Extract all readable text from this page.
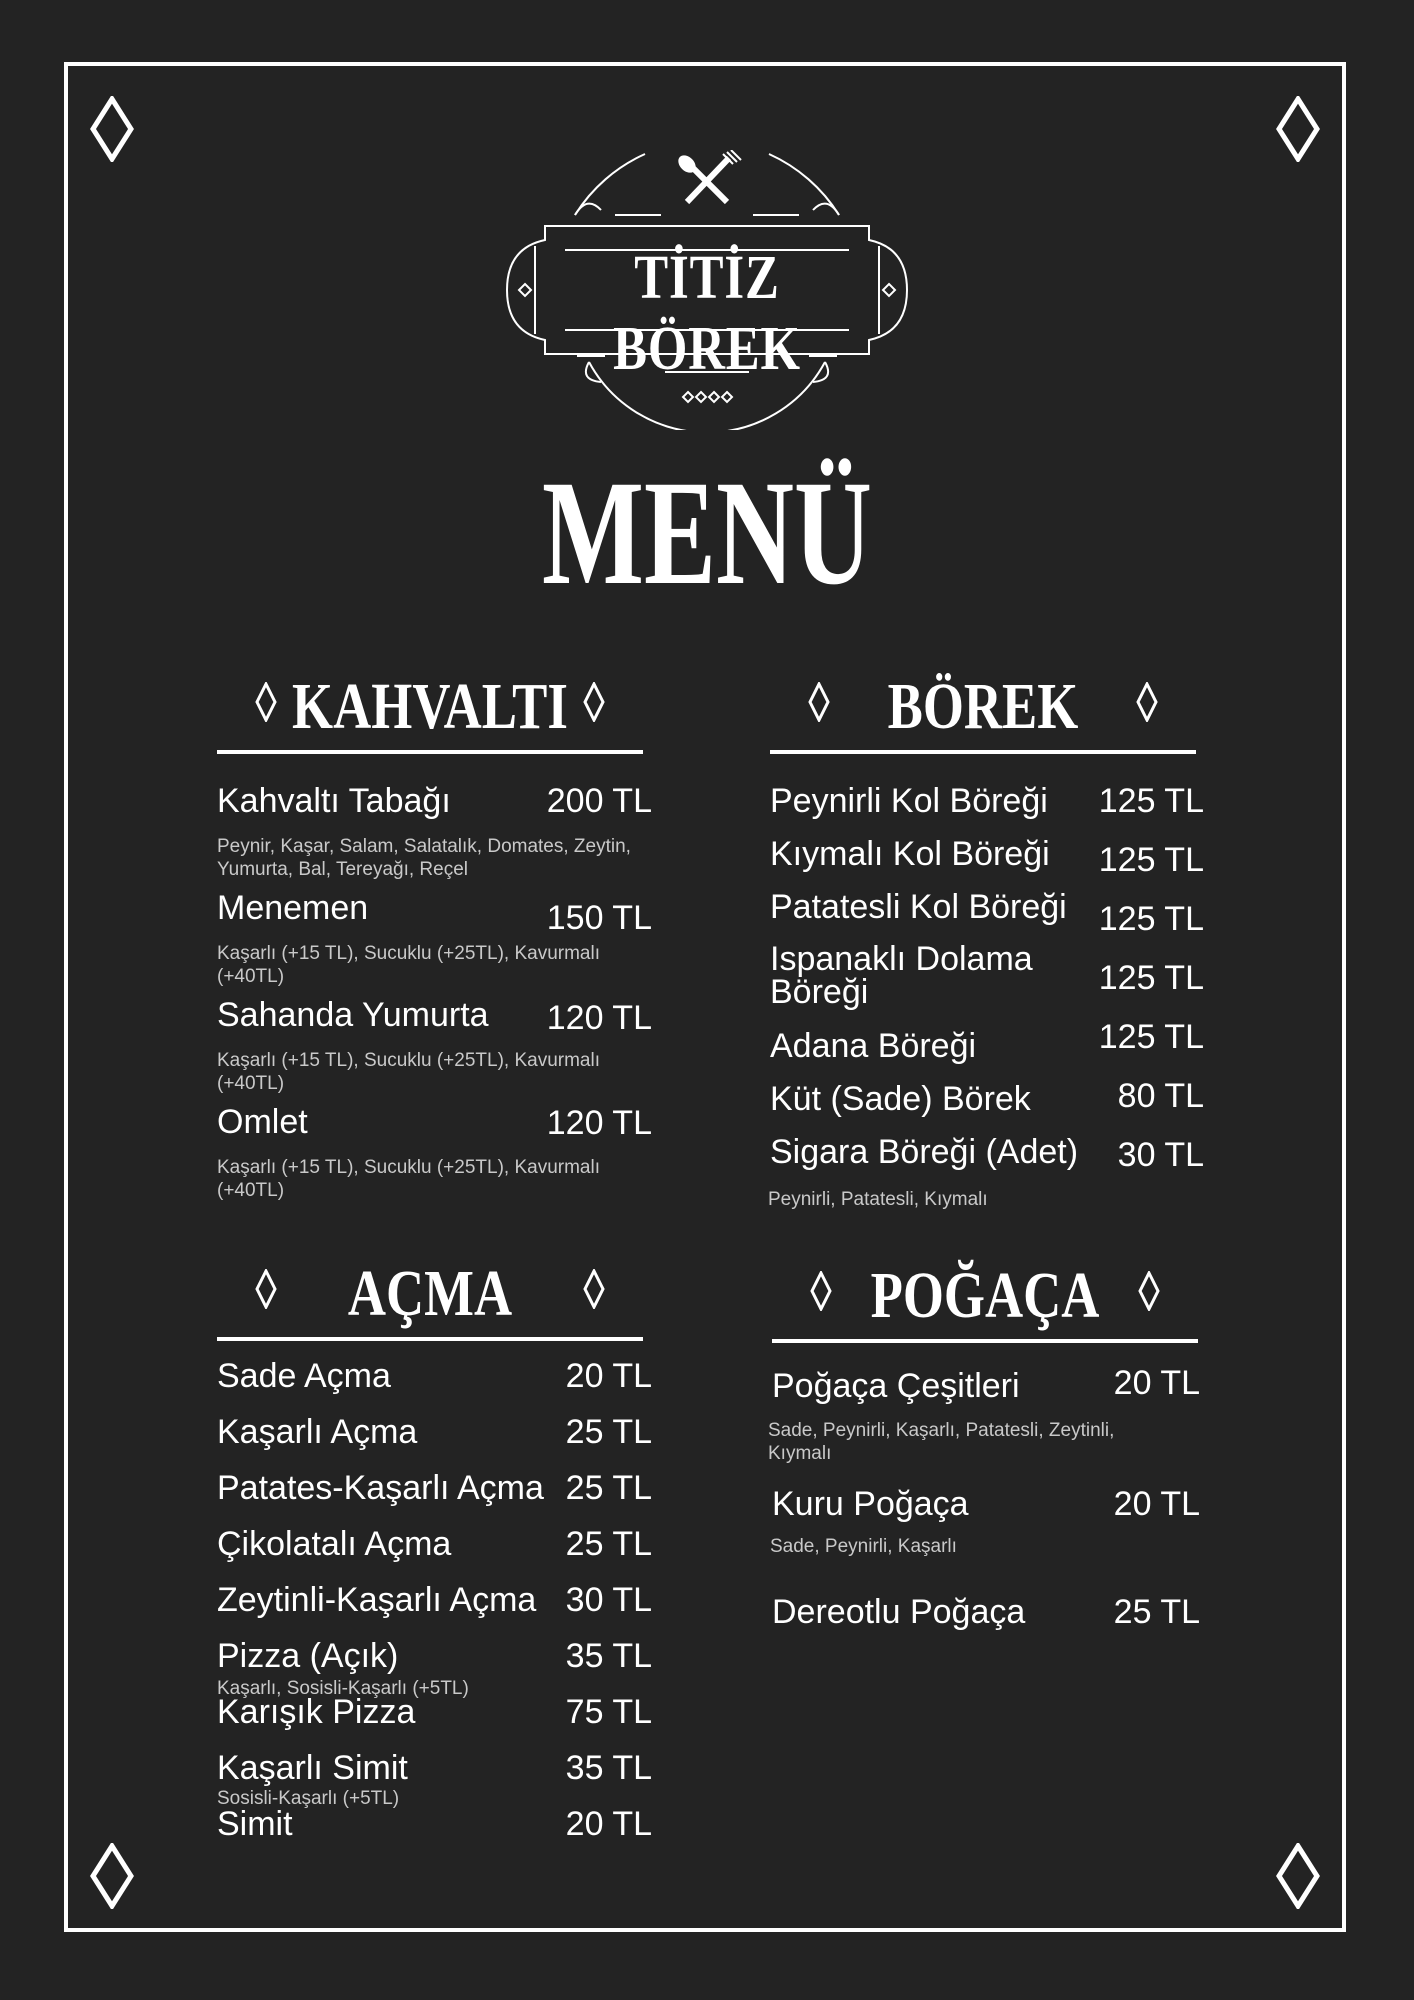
TİTİZ BÖREK
MENÜ
KAHVALTI
Kahvaltı Tabağı	200 TL
Peynir, Kaşar, Salam, Salatalık, Domates, Zeytin, Yumurta, Bal, Tereyağı, Reçel
Menemen	150 TL
Kaşarlı (+15 TL), Sucuklu (+25TL), Kavurmalı (+40TL)
Sahanda Yumurta	120 TL
Kaşarlı (+15 TL), Sucuklu (+25TL), Kavurmalı (+40TL)
Omlet	120 TL
Kaşarlı (+15 TL), Sucuklu (+25TL), Kavurmalı (+40TL)
BÖREK
Peynirli Kol Böreği	125 TL
Kıymalı Kol Böreği	125 TL
Patatesli Kol Böreği 125 TL
Ispanaklı Dolama Böreği	125 TL
Adana Böreği	125 TL
Küt (Sade) Börek	80 TL
Sigara Böreği (Adet)	30 TL
Peynirli, Patatesli, Kıymalı
AÇMA
Sade Açma	20 TL
Kaşarlı Açma	25 TL
Patates-Kaşarlı Açma 25 TL
Çikolatalı Açma	25 TL
Zeytinli-Kaşarlı Açma 30 TL
Pizza (Açık)	35 TL
Kaşarlı, Sosisli-Kaşarlı (+5TL)
Karışık Pizza	75 TL
Kaşarlı Simit	35 TL
Sosisli-Kaşarlı (+5TL)
Simit	20 TL
POĞAÇA
Poğaça Çeşitleri	20 TL
Sade, Peynirli, Kaşarlı, Patatesli, Zeytinli, Kıymalı
Kuru Poğaça	20 TL
Sade, Peynirli, Kaşarlı
Dereotlu Poğaça	25 TL
